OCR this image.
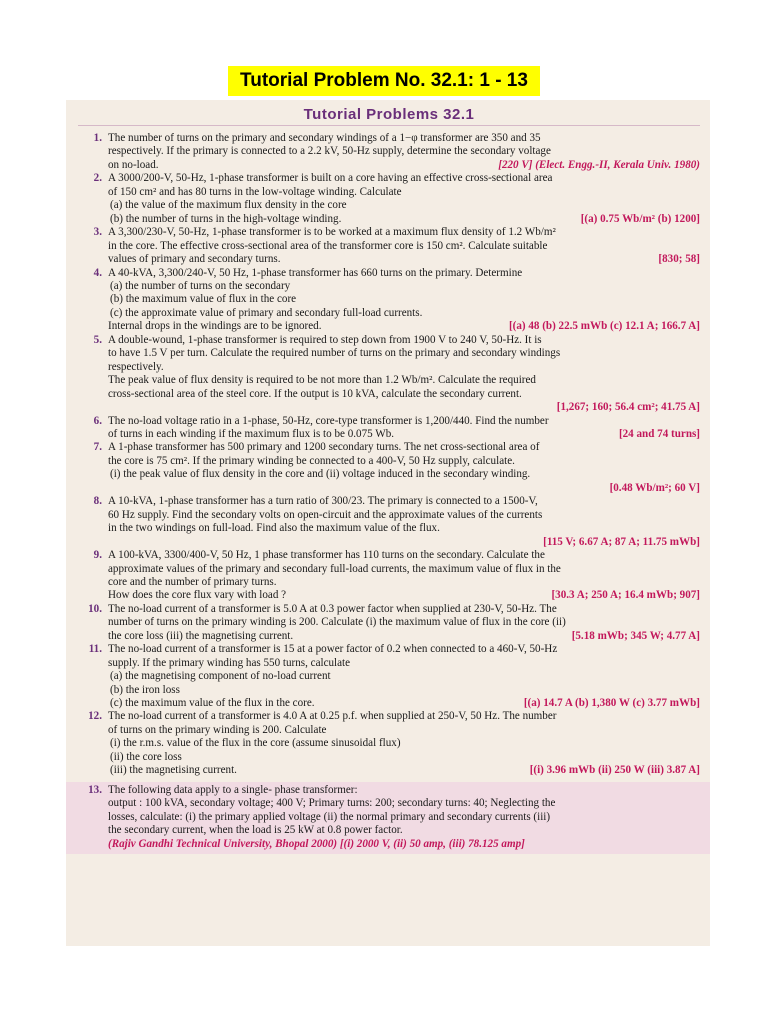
Tutorial Problem No. 32.1: 1 - 13
Tutorial Problems 32.1
1. The number of turns on the primary and secondary windings of a 1−φ transformer are 350 and 35
respectively. If the primary is connected to a 2.2 kV, 50-Hz supply, determine the secondary voltage
[220 V] (Elect. Engg.-II, Kerala Univ. 1980)
on no-load.
2. A 3000/200-V, 50-Hz, 1-phase transformer is built on a core having an effective cross-sectional area
of 150 cm² and has 80 turns in the low-voltage winding. Calculate
(a) the value of the maximum flux density in the core
[(a) 0.75 Wb/m² (b) 1200]
(b) the number of turns in the high-voltage winding.
3. A 3,300/230-V, 50-Hz, 1-phase transformer is to be worked at a maximum flux density of 1.2 Wb/m²
in the core. The effective cross-sectional area of the transformer core is 150 cm². Calculate suitable
[830; 58]
values of primary and secondary turns.
4. A 40-kVA, 3,300/240-V, 50 Hz, 1-phase transformer has 660 turns on the primary. Determine
(a) the number of turns on the secondary
(b) the maximum value of flux in the core
(c) the approximate value of primary and secondary full-load currents.
[(a) 48 (b) 22.5 mWb (c) 12.1 A; 166.7 A]
Internal drops in the windings are to be ignored.
5. A double-wound, 1-phase transformer is required to step down from 1900 V to 240 V, 50-Hz. It is
to have 1.5 V per turn. Calculate the required number of turns on the primary and secondary windings
respectively.
The peak value of flux density is required to be not more than 1.2 Wb/m². Calculate the required
cross-sectional area of the steel core. If the output is 10 kVA, calculate the secondary current.
[1,267; 160; 56.4 cm²; 41.75 A]
6. The no-load voltage ratio in a 1-phase, 50-Hz, core-type transformer is 1,200/440. Find the number
[24 and 74 turns]
of turns in each winding if the maximum flux is to be 0.075 Wb.
7. A 1-phase transformer has 500 primary and 1200 secondary turns. The net cross-sectional area of
the core is 75 cm². If the primary winding be connected to a 400-V, 50 Hz supply, calculate.
(i) the peak value of flux density in the core and (ii) voltage induced in the secondary winding.
[0.48 Wb/m²; 60 V]
8. A 10-kVA, 1-phase transformer has a turn ratio of 300/23. The primary is connected to a 1500-V,
60 Hz supply. Find the secondary volts on open-circuit and the approximate values of the currents
in the two windings on full-load. Find also the maximum value of the flux.
[115 V; 6.67 A; 87 A; 11.75 mWb]
9. A 100-kVA, 3300/400-V, 50 Hz, 1 phase transformer has 110 turns on the secondary. Calculate the
approximate values of the primary and secondary full-load currents, the maximum value of flux in the
core and the number of primary turns.
[30.3 A; 250 A; 16.4 mWb; 907]
How does the core flux vary with load ?
10. The no-load current of a transformer is 5.0 A at 0.3 power factor when supplied at 230-V, 50-Hz. The
number of turns on the primary winding is 200. Calculate (i) the maximum value of flux in the core (ii)
[5.18 mWb; 345 W; 4.77 A]
the core loss (iii) the magnetising current.
11. The no-load current of a transformer is 15 at a power factor of 0.2 when connected to a 460-V, 50-Hz
supply. If the primary winding has 550 turns, calculate
(a) the magnetising component of no-load current
(b) the iron loss
[(a) 14.7 A (b) 1,380 W (c) 3.77 mWb]
(c) the maximum value of the flux in the core.
12. The no-load current of a transformer is 4.0 A at 0.25 p.f. when supplied at 250-V, 50 Hz. The number
of turns on the primary winding is 200. Calculate
(i) the r.m.s. value of the flux in the core (assume sinusoidal flux)
(ii) the core loss
[(i) 3.96 mWb (ii) 250 W (iii) 3.87 A]
(iii) the magnetising current.
13. The following data apply to a single- phase transformer:
output : 100 kVA, secondary voltage; 400 V; Primary turns: 200; secondary turns: 40; Neglecting the
losses, calculate: (i) the primary applied voltage (ii) the normal primary and secondary currents (iii)
the secondary current, when the load is 25 kW at 0.8 power factor.
(Rajiv Gandhi Technical University, Bhopal 2000) [(i) 2000 V, (ii) 50 amp, (iii) 78.125 amp]
